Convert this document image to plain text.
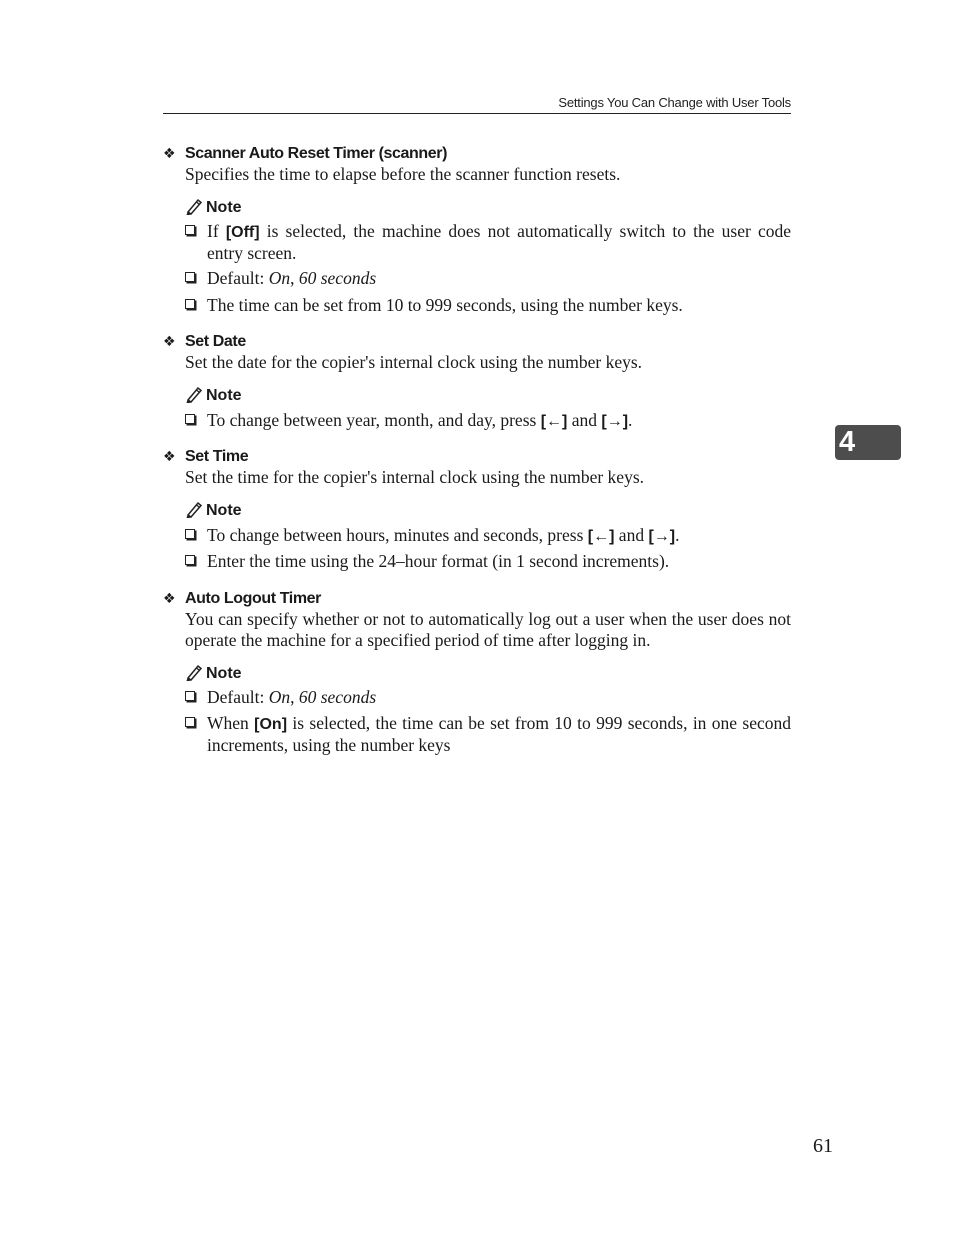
Settings You Can Change with User Tools
4
❖ Scanner Auto Reset Timer (scanner)
Specifies the time to elapse before the scanner function resets.
Note
If [Off] is selected, the machine does not automatically switch to the user code entry screen.
Default: On, 60 seconds
The time can be set from 10 to 999 seconds, using the number keys.
❖ Set Date
Set the date for the copier's internal clock using the number keys.
Note
To change between year, month, and day, press [←] and [→].
❖ Set Time
Set the time for the copier's internal clock using the number keys.
Note
To change between hours, minutes and seconds, press [←] and [→].
Enter the time using the 24–hour format (in 1 second increments).
❖ Auto Logout Timer
You can specify whether or not to automatically log out a user when the user does not operate the machine for a specified period of time after logging in.
Note
Default: On, 60 seconds
When [On] is selected, the time can be set from 10 to 999 seconds, in one second increments, using the number keys
61
